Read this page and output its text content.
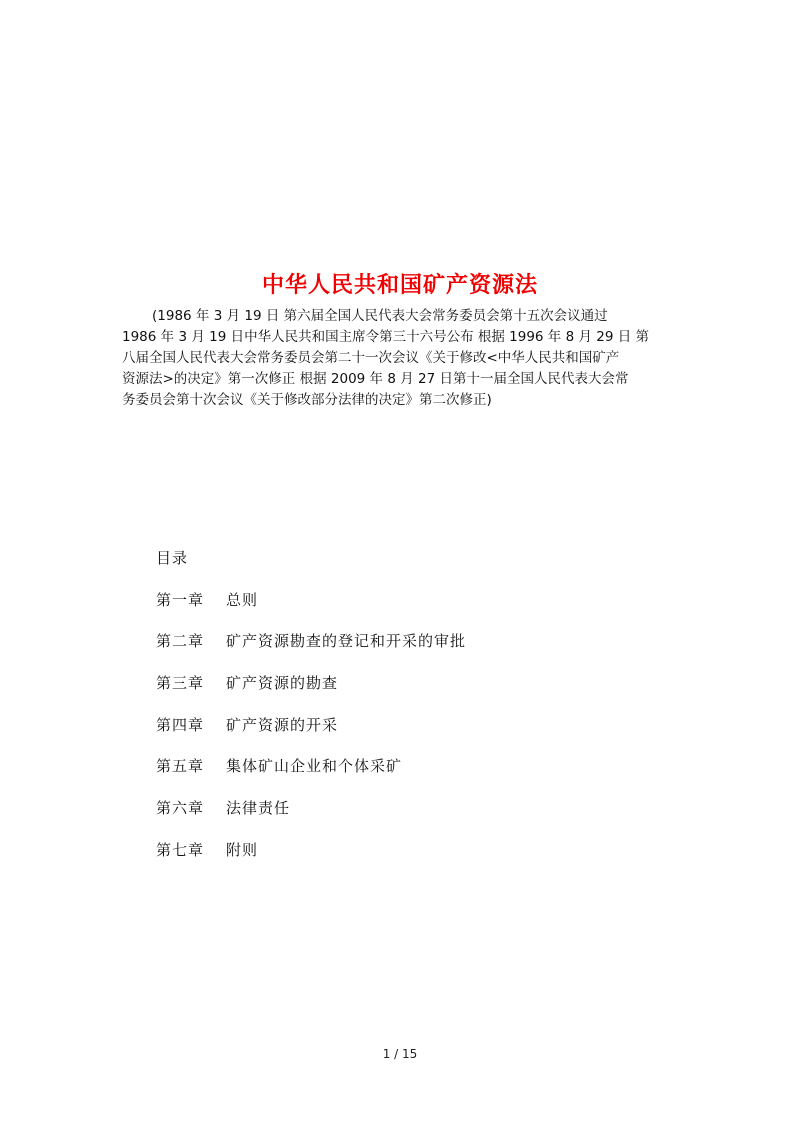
中华人民共和国矿产资源法
(1986 年 3 月 19 日 第六届全国人民代表大会常务委员会第十五次会议通过
1986 年 3 月 19 日中华人民共和国主席令第三十六号公布 根据 1996 年 8 月 29 日 第
八届全国人民代表大会常务委员会第二十一次会议《关于修改<中华人民共和国矿产
资源法>的决定》第一次修正 根据 2009 年 8 月 27 日第十一届全国人民代表大会常
务委员会第十次会议《关于修改部分法律的决定》第二次修正)
目录
第一章 总则
第二章 矿产资源勘查的登记和开采的审批
第三章 矿产资源的勘查
第四章 矿产资源的开采
第五章 集体矿山企业和个体采矿
第六章 法律责任
第七章 附则
1 / 15
